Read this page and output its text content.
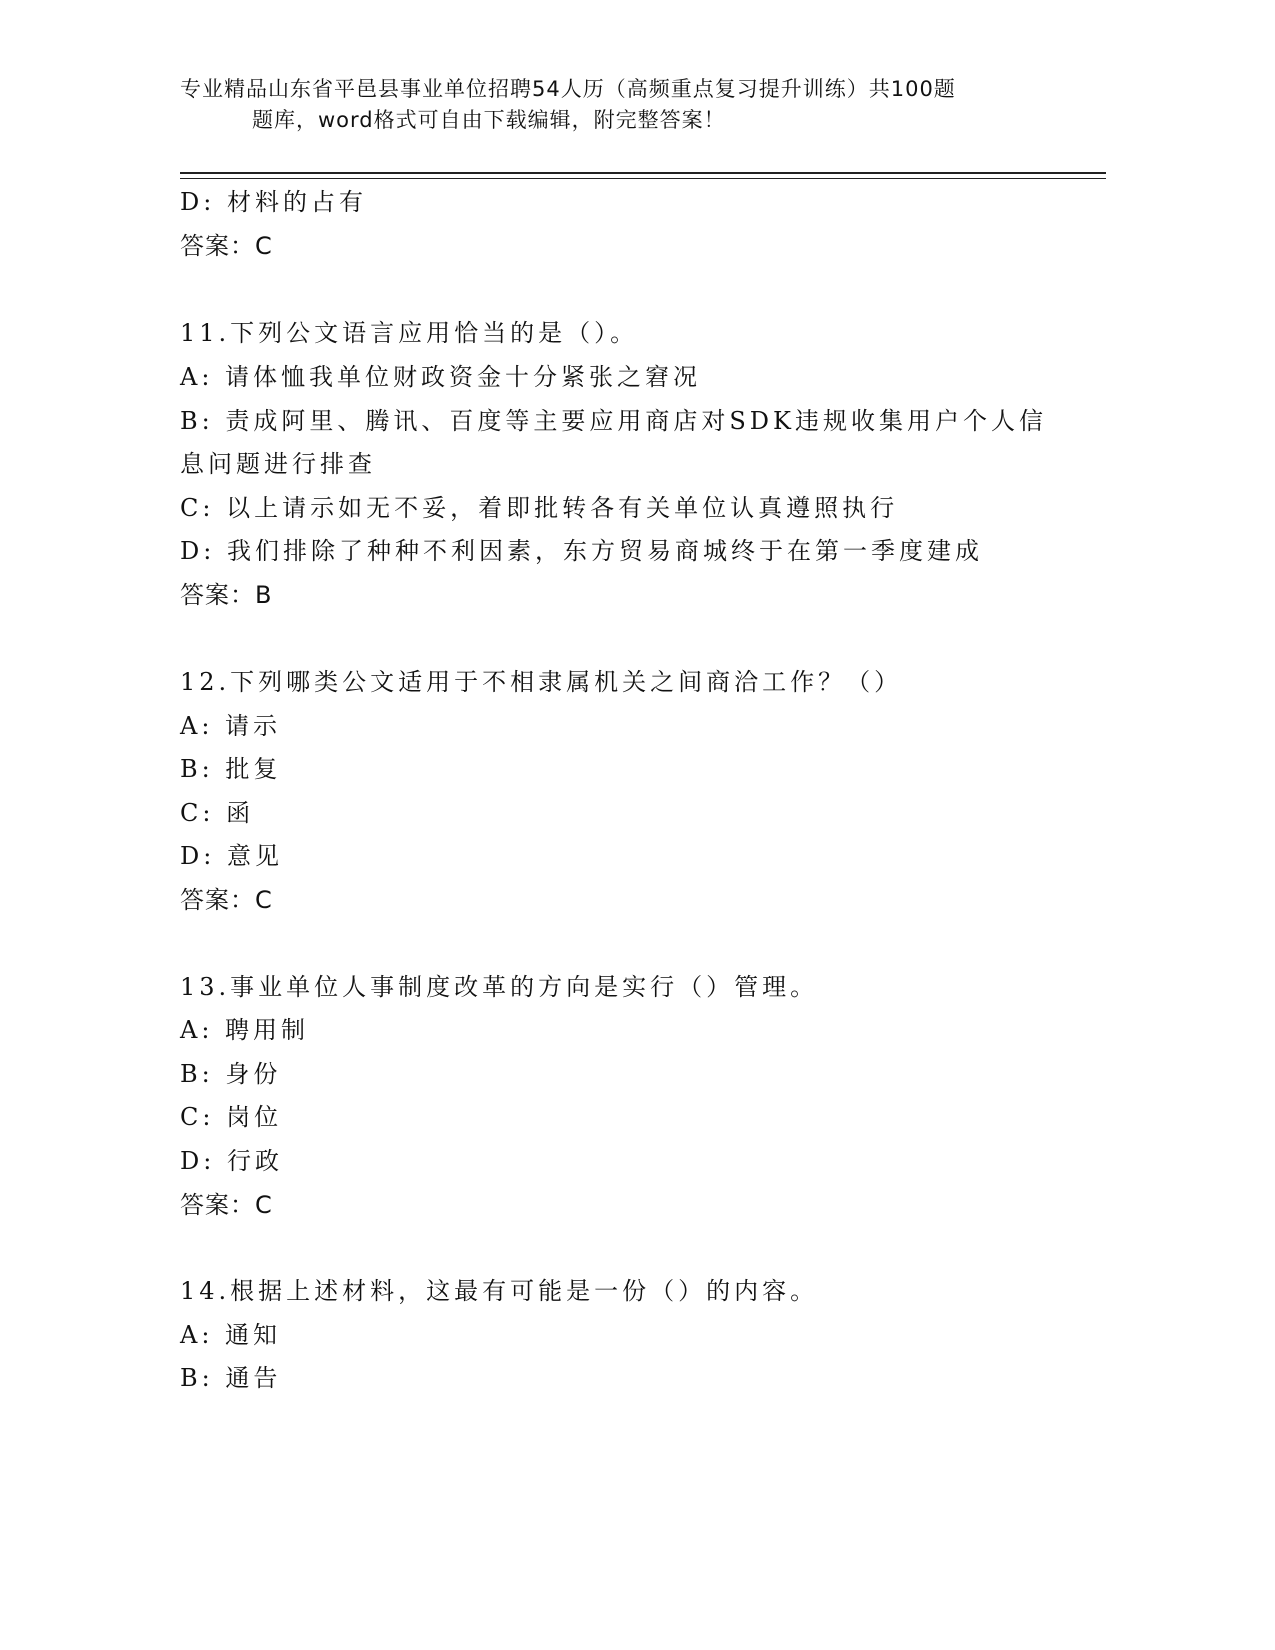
专业精品山东省平邑县事业单位招聘54人历（高频重点复习提升训练）共100题
题库，word格式可自由下载编辑，附完整答案！
D: 材料的占有
答案：C
11.下列公文语言应用恰当的是（）。
A: 请体恤我单位财政资金十分紧张之窘况
B: 责成阿里、腾讯、百度等主要应用商店对SDK违规收集用户个人信
息问题进行排查
C: 以上请示如无不妥，着即批转各有关单位认真遵照执行
D: 我们排除了种种不利因素，东方贸易商城终于在第一季度建成
答案：B
12.下列哪类公文适用于不相隶属机关之间商洽工作？（）
A: 请示
B: 批复
C: 函
D: 意见
答案：C
13.事业单位人事制度改革的方向是实行（）管理。
A: 聘用制
B: 身份
C: 岗位
D: 行政
答案：C
14.根据上述材料，这最有可能是一份（）的内容。
A: 通知
B: 通告
